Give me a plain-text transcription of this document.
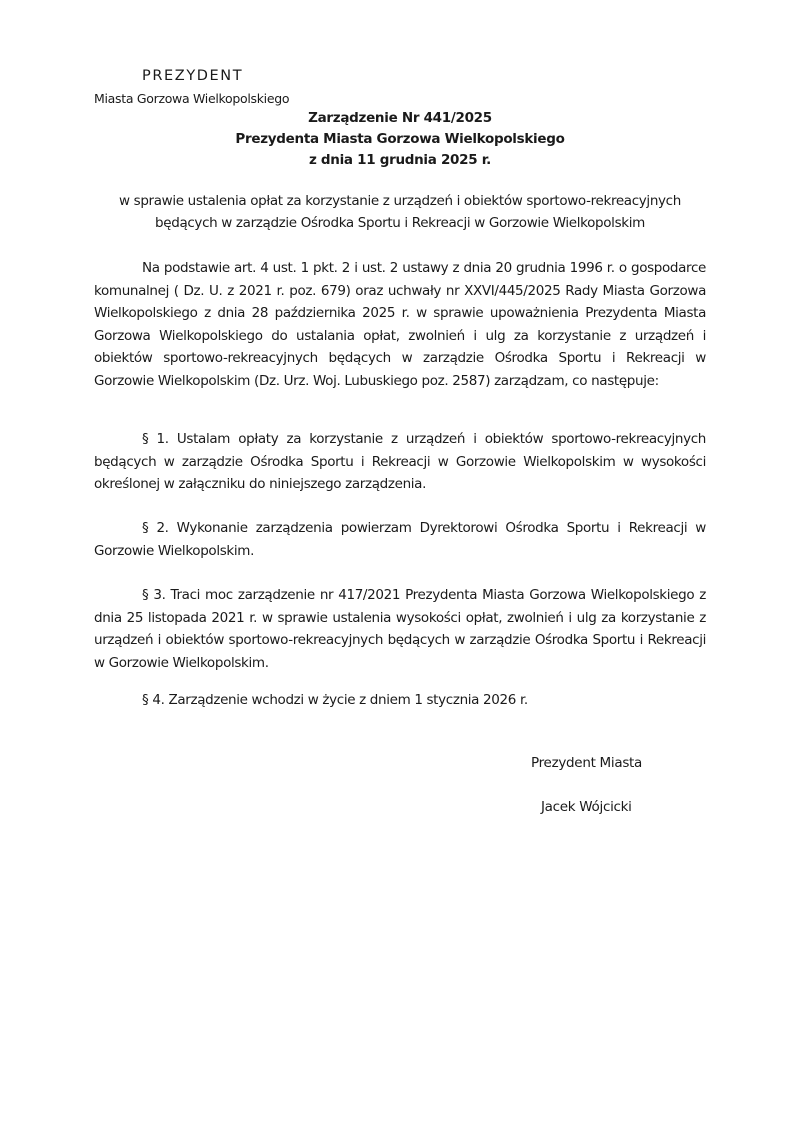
PREZYDENT
Miasta Gorzowa Wielkopolskiego
Zarządzenie Nr 441/2025
Prezydenta Miasta Gorzowa Wielkopolskiego
z dnia 11 grudnia 2025 r.
w sprawie ustalenia opłat za korzystanie z urządzeń i obiektów sportowo-rekreacyjnych będących w zarządzie Ośrodka Sportu i Rekreacji w Gorzowie Wielkopolskim
Na podstawie art. 4 ust. 1 pkt. 2 i ust. 2 ustawy z dnia 20 grudnia 1996 r. o gospodarce komunalnej ( Dz. U. z 2021 r. poz. 679) oraz uchwały nr XXVI/445/2025 Rady Miasta Gorzowa Wielkopolskiego z dnia 28 października 2025 r. w sprawie upoważnienia Prezydenta Miasta Gorzowa Wielkopolskiego do ustalania opłat, zwolnień i ulg za korzystanie z urządzeń i obiektów sportowo-rekreacyjnych będących w zarządzie Ośrodka Sportu i Rekreacji w Gorzowie Wielkopolskim (Dz. Urz. Woj. Lubuskiego poz. 2587) zarządzam, co następuje:
§ 1. Ustalam opłaty za korzystanie z urządzeń i obiektów sportowo-rekreacyjnych będących w zarządzie Ośrodka Sportu i Rekreacji w Gorzowie Wielkopolskim w wysokości określonej w załączniku do niniejszego zarządzenia.
§ 2. Wykonanie zarządzenia powierzam Dyrektorowi Ośrodka Sportu i Rekreacji w Gorzowie Wielkopolskim.
§ 3. Traci moc zarządzenie nr 417/2021 Prezydenta Miasta Gorzowa Wielkopolskiego z dnia 25 listopada 2021 r. w sprawie ustalenia wysokości opłat, zwolnień i ulg za korzystanie z urządzeń i obiektów sportowo-rekreacyjnych będących w zarządzie Ośrodka Sportu i Rekreacji w Gorzowie Wielkopolskim.
§ 4. Zarządzenie wchodzi w życie z dniem 1 stycznia 2026 r.
Prezydent Miasta
Jacek Wójcicki
